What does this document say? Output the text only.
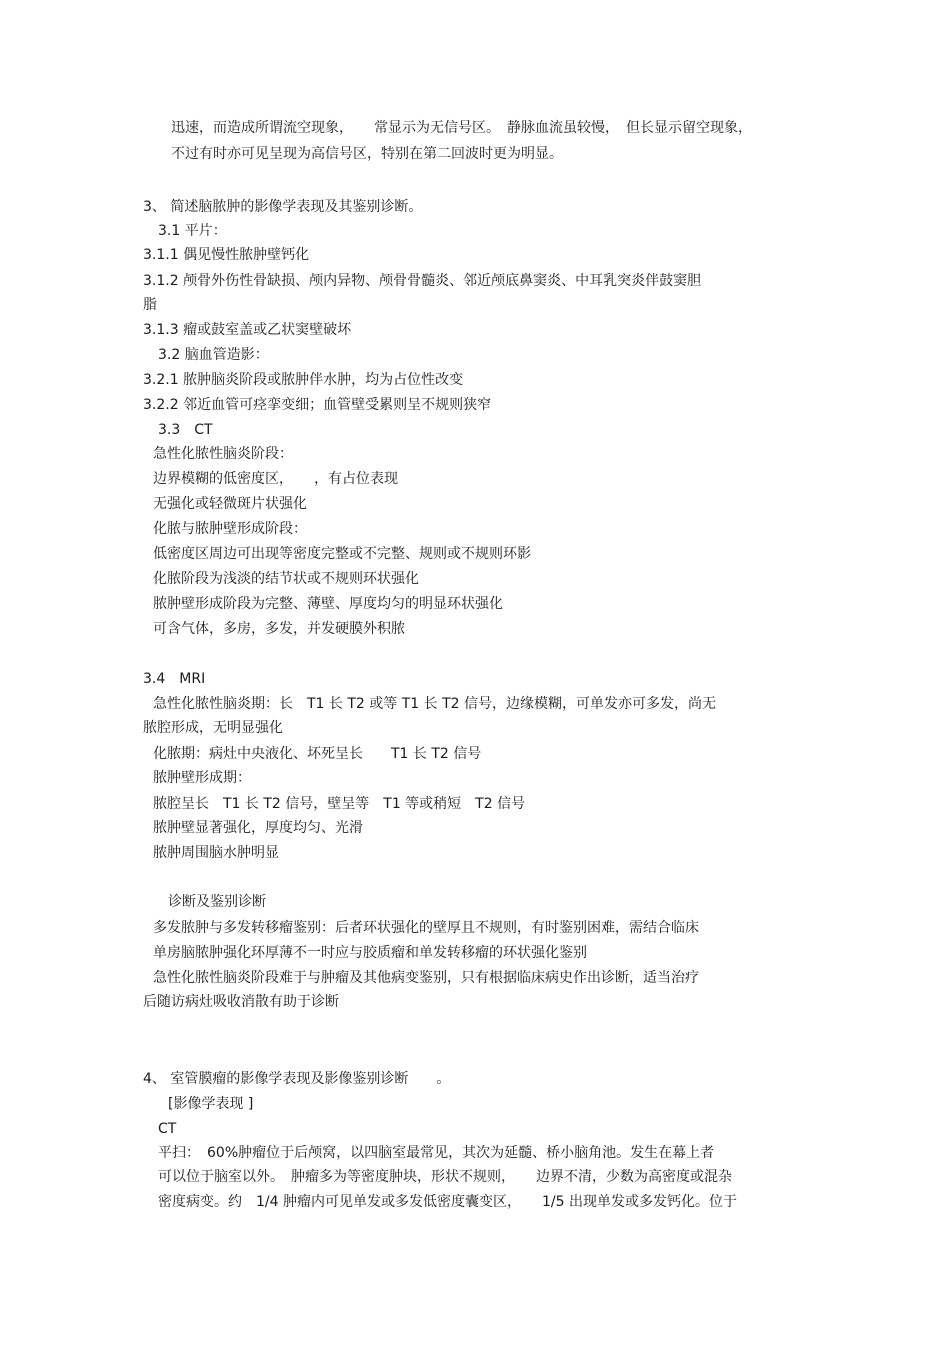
迅速，而造成所谓流空现象，　　常显示为无信号区。　静脉血流虽较慢，　但长显示留空现象，
不过有时亦可见呈现为高信号区，特别在第二回波时更为明显。
3、 简述脑脓肿的影像学表现及其鉴别诊断。
3.1 平片：
3.1.1 偶见慢性脓肿壁钙化
3.1.2 颅骨外伤性骨缺损、颅内异物、颅骨骨髓炎、邻近颅底鼻窦炎、中耳乳突炎伴鼓窦胆
脂
3.1.3 瘤或鼓室盖或乙状窦壁破坏
3.2 脑血管造影：
3.2.1 脓肿脑炎阶段或脓肿伴水肿，均为占位性改变
3.2.2 邻近血管可痉挛变细；血管壁受累则呈不规则狭窄
3.3　CT
急性化脓性脑炎阶段：
边界模糊的低密度区，　　，有占位表现
无强化或轻微斑片状强化
化脓与脓肿壁形成阶段：
低密度区周边可出现等密度完整或不完整、规则或不规则环影
化脓阶段为浅淡的结节状或不规则环状强化
脓肿壁形成阶段为完整、薄壁、厚度均匀的明显环状强化
可含气体，多房，多发，并发硬膜外积脓
3.4　MRI
急性化脓性脑炎期：长　T1 长 T2 或等 T1 长 T2 信号，边缘模糊，可单发亦可多发，尚无
脓腔形成，无明显强化
化脓期：病灶中央液化、坏死呈长　　T1 长 T2 信号
脓肿壁形成期：
脓腔呈长　T1 长 T2 信号，壁呈等　T1 等或稍短　T2 信号
脓肿壁显著强化，厚度均匀、光滑
脓肿周围脑水肿明显
诊断及鉴别诊断
多发脓肿与多发转移瘤鉴别：后者环状强化的壁厚且不规则，有时鉴别困难，需结合临床
单房脑脓肿强化环厚薄不一时应与胶质瘤和单发转移瘤的环状强化鉴别
急性化脓性脑炎阶段难于与肿瘤及其他病变鉴别，只有根据临床病史作出诊断，适当治疗
后随访病灶吸收消散有助于诊断
4、 室管膜瘤的影像学表现及影像鉴别诊断　　。
[影像学表现 ]
CT
平扫：　60%肿瘤位于后颅窝，以四脑室最常见，其次为延髓、桥小脑角池。发生在幕上者
可以位于脑室以外。　肿瘤多为等密度肿块，形状不规则，　　边界不清，少数为高密度或混杂
密度病变。约　1/4 肿瘤内可见单发或多发低密度囊变区，　　1/5 出现单发或多发钙化。位于
